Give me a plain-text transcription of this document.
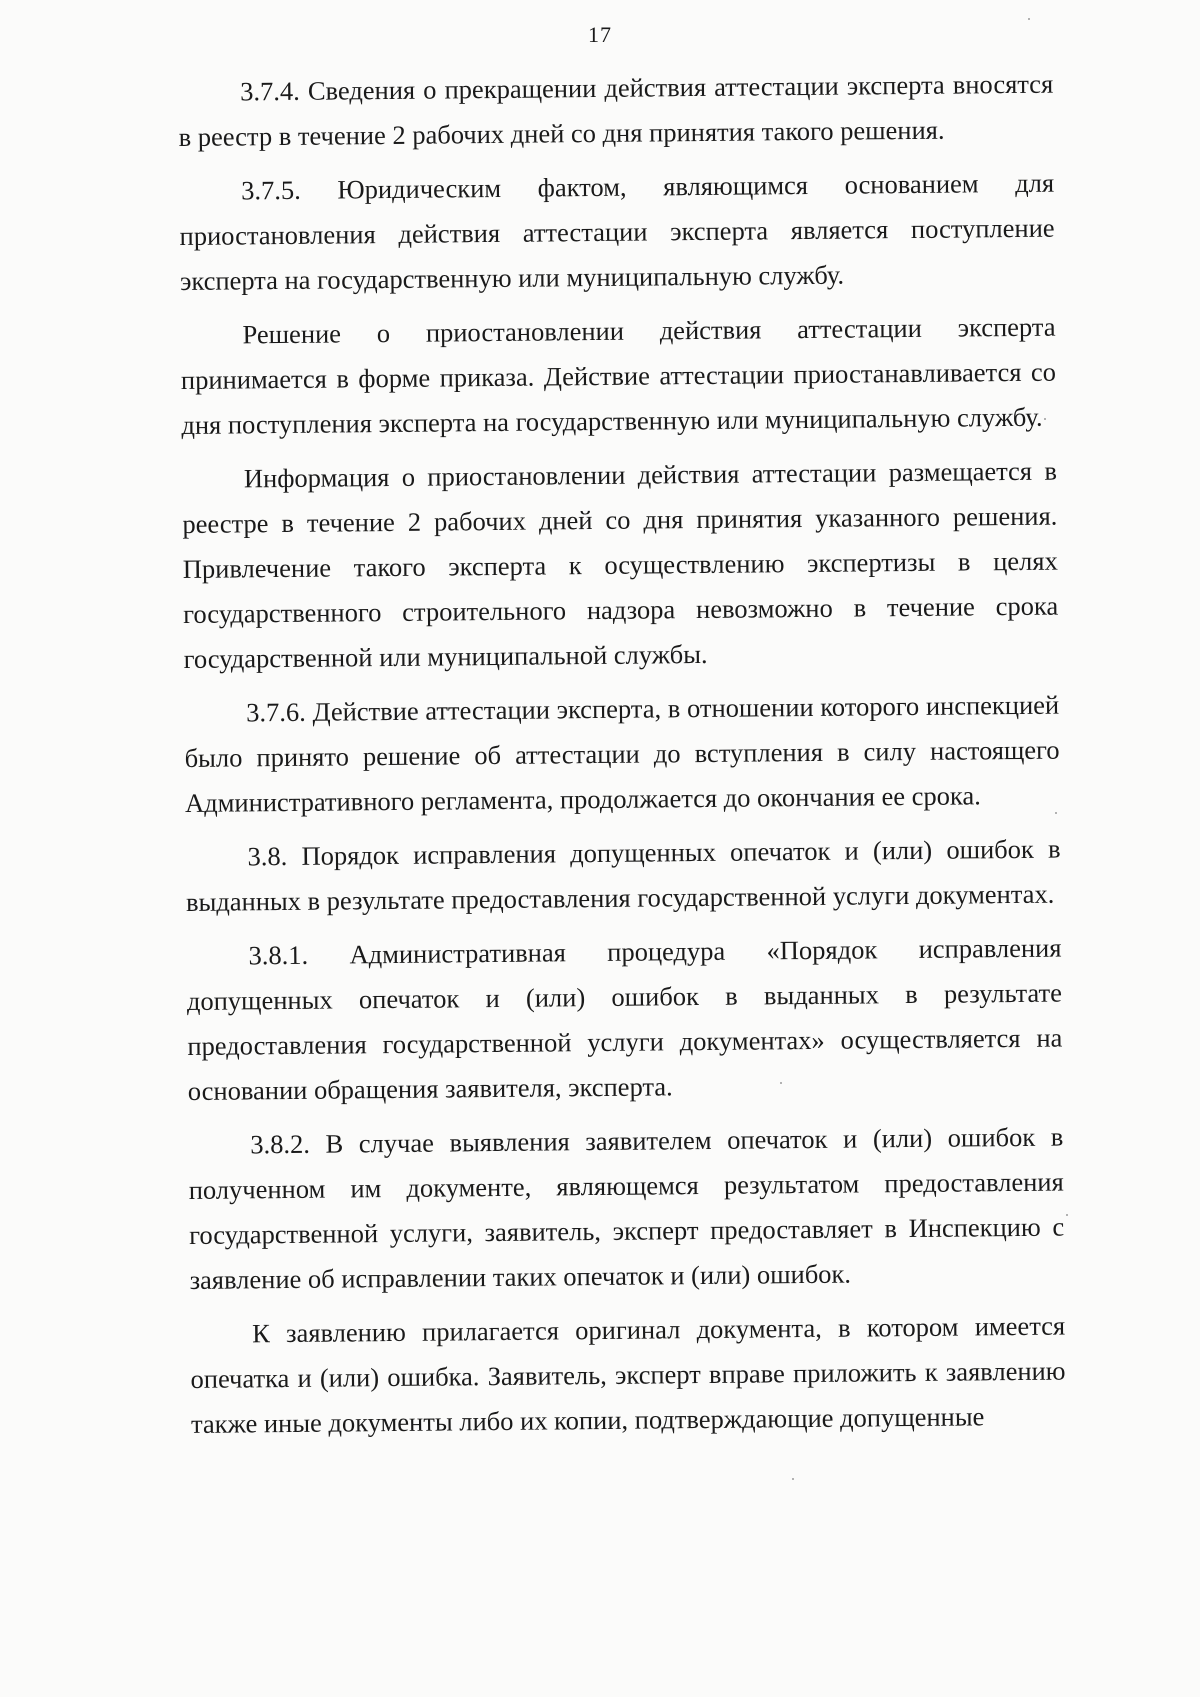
17

3.7.4. Сведения о прекращении действия аттестации эксперта вносятся в реестр в течение 2 рабочих дней со дня принятия такого решения.

3.7.5. Юридическим фактом, являющимся основанием для приостановления действия аттестации эксперта является поступление эксперта на государственную или муниципальную службу.

Решение о приостановлении действия аттестации эксперта принимается в форме приказа. Действие аттестации приостанавливается со дня поступления эксперта на государственную или муниципальную службу.

Информация о приостановлении действия аттестации размещается в реестре в течение 2 рабочих дней со дня принятия указанного решения. Привлечение такого эксперта к осуществлению экспертизы в целях государственного строительного надзора невозможно в течение срока государственной или муниципальной службы.

3.7.6. Действие аттестации эксперта, в отношении которого инспекцией было принято решение об аттестации до вступления в силу настоящего Административного регламента, продолжается до окончания ее срока.

3.8. Порядок исправления допущенных опечаток и (или) ошибок в выданных в результате предоставления государственной услуги документах.

3.8.1. Административная процедура «Порядок исправления допущенных опечаток и (или) ошибок в выданных в результате предоставления государственной услуги документах» осуществляется на основании обращения заявителя, эксперта.

3.8.2. В случае выявления заявителем опечаток и (или) ошибок в полученном им документе, являющемся результатом предоставления государственной услуги, заявитель, эксперт предоставляет в Инспекцию с заявление об исправлении таких опечаток и (или) ошибок.

К заявлению прилагается оригинал документа, в котором имеется опечатка и (или) ошибка. Заявитель, эксперт вправе приложить к заявлению также иные документы либо их копии, подтверждающие допущенные
